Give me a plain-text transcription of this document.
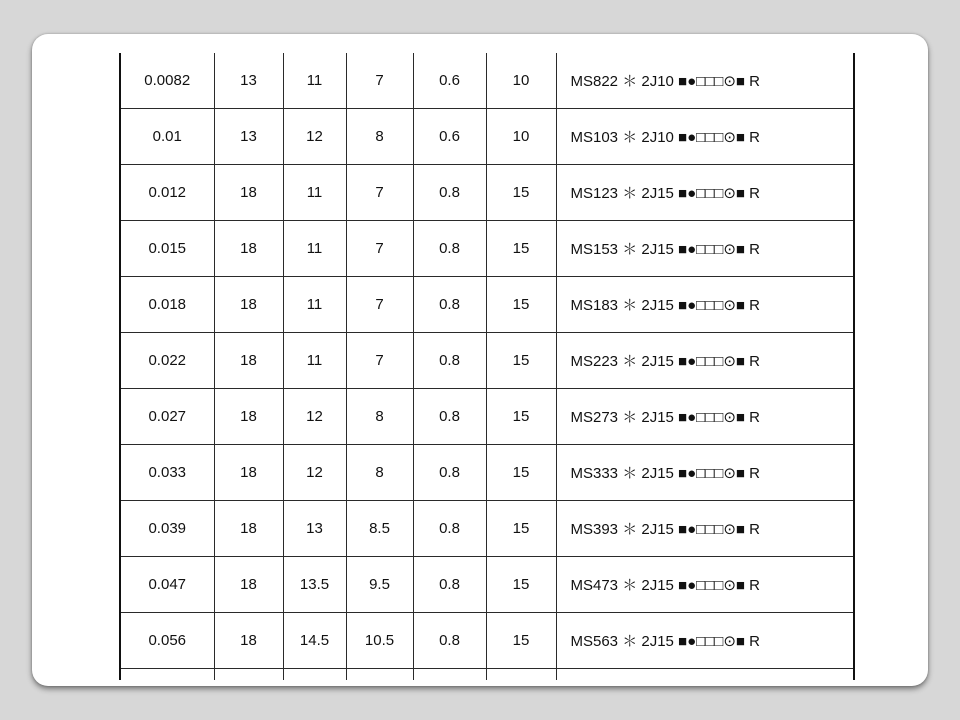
0.0082	13	11	7	0.6	10	MS822 ＊ 2J10 ■●□□□⊙■ R
0.01	13	12	8	0.6	10	MS103 ＊ 2J10 ■●□□□⊙■ R
0.012	18	11	7	0.8	15	MS123 ＊ 2J15 ■●□□□⊙■ R
0.015	18	11	7	0.8	15	MS153 ＊ 2J15 ■●□□□⊙■ R
0.018	18	11	7	0.8	15	MS183 ＊ 2J15 ■●□□□⊙■ R
0.022	18	11	7	0.8	15	MS223 ＊ 2J15 ■●□□□⊙■ R
0.027	18	12	8	0.8	15	MS273 ＊ 2J15 ■●□□□⊙■ R
0.033	18	12	8	0.8	15	MS333 ＊ 2J15 ■●□□□⊙■ R
0.039	18	13	8.5	0.8	15	MS393 ＊ 2J15 ■●□□□⊙■ R
0.047	18	13.5	9.5	0.8	15	MS473 ＊ 2J15 ■●□□□⊙■ R
0.056	18	14.5	10.5	0.8	15	MS563 ＊ 2J15 ■●□□□⊙■ R
